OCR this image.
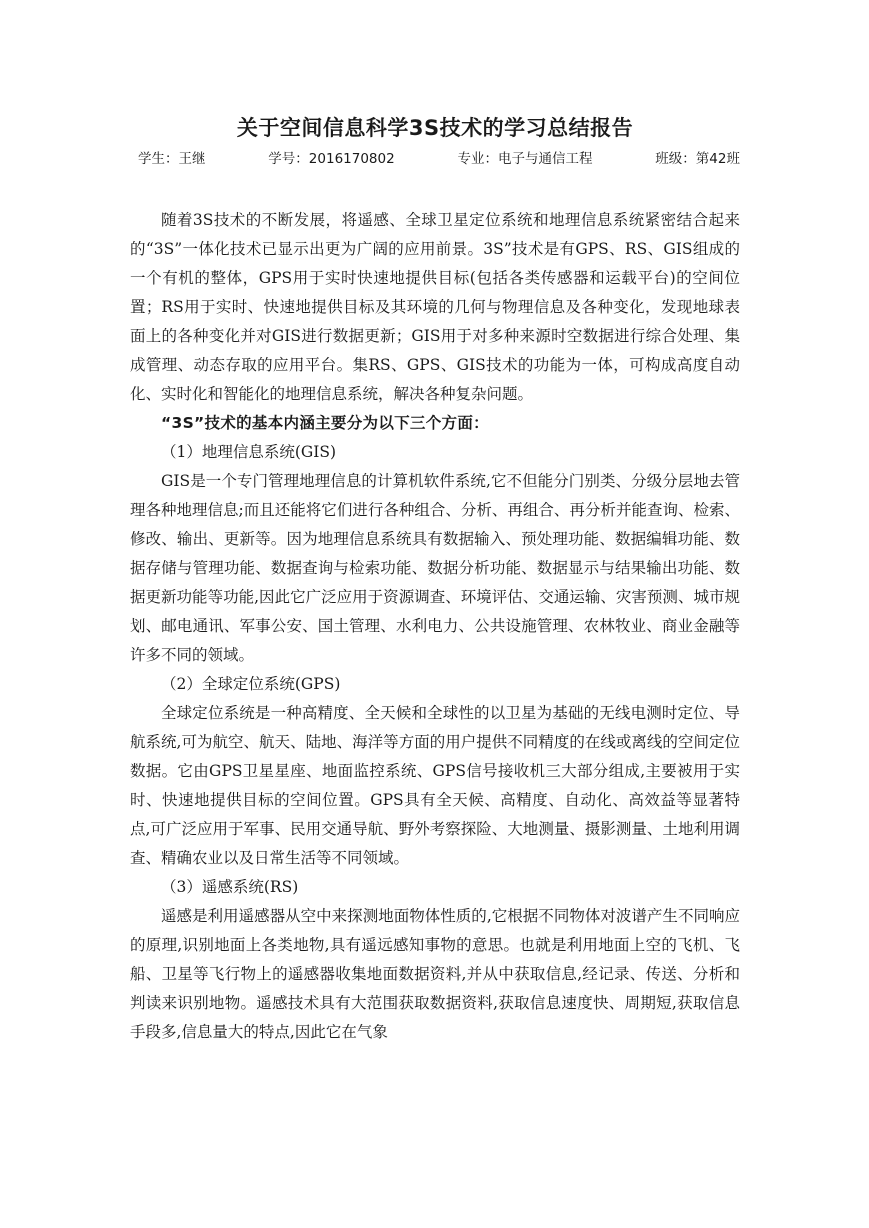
关于空间信息科学3S技术的学习总结报告
学生：王继	学号：2016170802	专业：电子与通信工程	班级：第42班

随着3S技术的不断发展，将遥感、全球卫星定位系统和地理信息系统紧密结合起来的“3S”一体化技术已显示出更为广阔的应用前景。3S”技术是有GPS、RS、GIS组成的一个有机的整体，GPS用于实时快速地提供目标(包括各类传感器和运载平台)的空间位置；RS用于实时、快速地提供目标及其环境的几何与物理信息及各种变化，发现地球表面上的各种变化并对GIS进行数据更新；GIS用于对多种来源时空数据进行综合处理、集成管理、动态存取的应用平台。集RS、GPS、GIS技术的功能为一体，可构成高度自动化、实时化和智能化的地理信息系统，解决各种复杂问题。

“3S”技术的基本内涵主要分为以下三个方面：

（1）地理信息系统(GIS)

GIS是一个专门管理地理信息的计算机软件系统,它不但能分门别类、分级分层地去管理各种地理信息;而且还能将它们进行各种组合、分析、再组合、再分析并能查询、检索、修改、输出、更新等。因为地理信息系统具有数据输入、预处理功能、数据编辑功能、数据存储与管理功能、数据查询与检索功能、数据分析功能、数据显示与结果输出功能、数据更新功能等功能,因此它广泛应用于资源调查、环境评估、交通运输、灾害预测、城市规划、邮电通讯、军事公安、国土管理、水利电力、公共设施管理、农林牧业、商业金融等许多不同的领域。

（2）全球定位系统(GPS)

全球定位系统是一种高精度、全天候和全球性的以卫星为基础的无线电测时定位、导航系统,可为航空、航天、陆地、海洋等方面的用户提供不同精度的在线或离线的空间定位数据。它由GPS卫星星座、地面监控系统、GPS信号接收机三大部分组成,主要被用于实时、快速地提供目标的空间位置。GPS具有全天候、高精度、自动化、高效益等显著特点,可广泛应用于军事、民用交通导航、野外考察探险、大地测量、摄影测量、土地利用调查、精确农业以及日常生活等不同领域。

（3）遥感系统(RS)

遥感是利用遥感器从空中来探测地面物体性质的,它根据不同物体对波谱产生不同响应的原理,识别地面上各类地物,具有遥远感知事物的意思。也就是利用地面上空的飞机、飞船、卫星等飞行物上的遥感器收集地面数据资料,并从中获取信息,经记录、传送、分析和判读来识别地物。遥感技术具有大范围获取数据资料,获取信息速度快、周期短,获取信息手段多,信息量大的特点,因此它在气象
